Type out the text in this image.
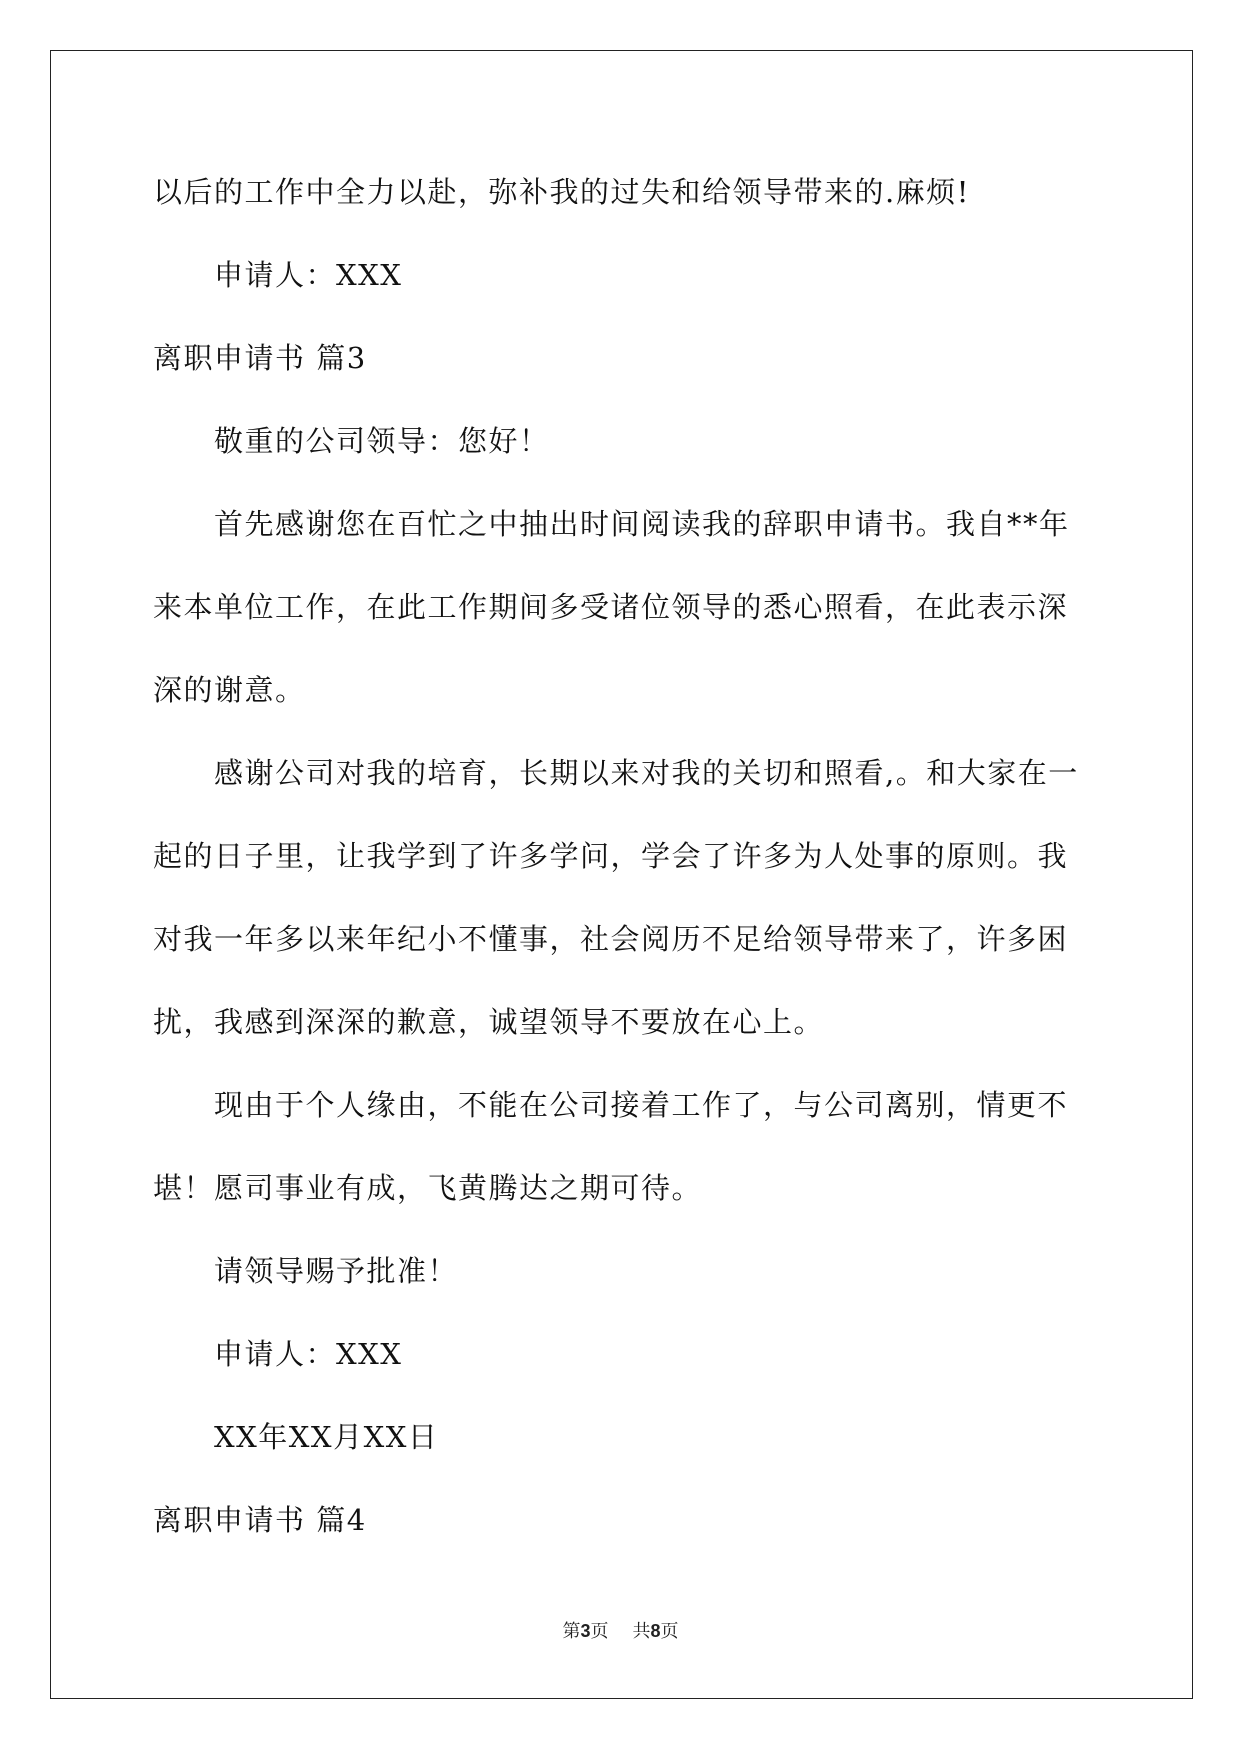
以后的工作中全力以赴，弥补我的过失和给领导带来的.麻烦!
申请人：XXX
离职申请书 篇3
敬重的公司领导：您好！
首先感谢您在百忙之中抽出时间阅读我的辞职申请书。我自**年
来本单位工作，在此工作期间多受诸位领导的悉心照看，在此表示深
深的谢意。
感谢公司对我的培育，长期以来对我的关切和照看,。和大家在一
起的日子里，让我学到了许多学问，学会了许多为人处事的原则。我
对我一年多以来年纪小不懂事，社会阅历不足给领导带来了，许多困
扰，我感到深深的歉意，诚望领导不要放在心上。
现由于个人缘由，不能在公司接着工作了，与公司离别，情更不
堪！愿司事业有成，飞黄腾达之期可待。
请领导赐予批准！
申请人：XXX
XX年XX月XX日
离职申请书 篇4
第3页 共8页
